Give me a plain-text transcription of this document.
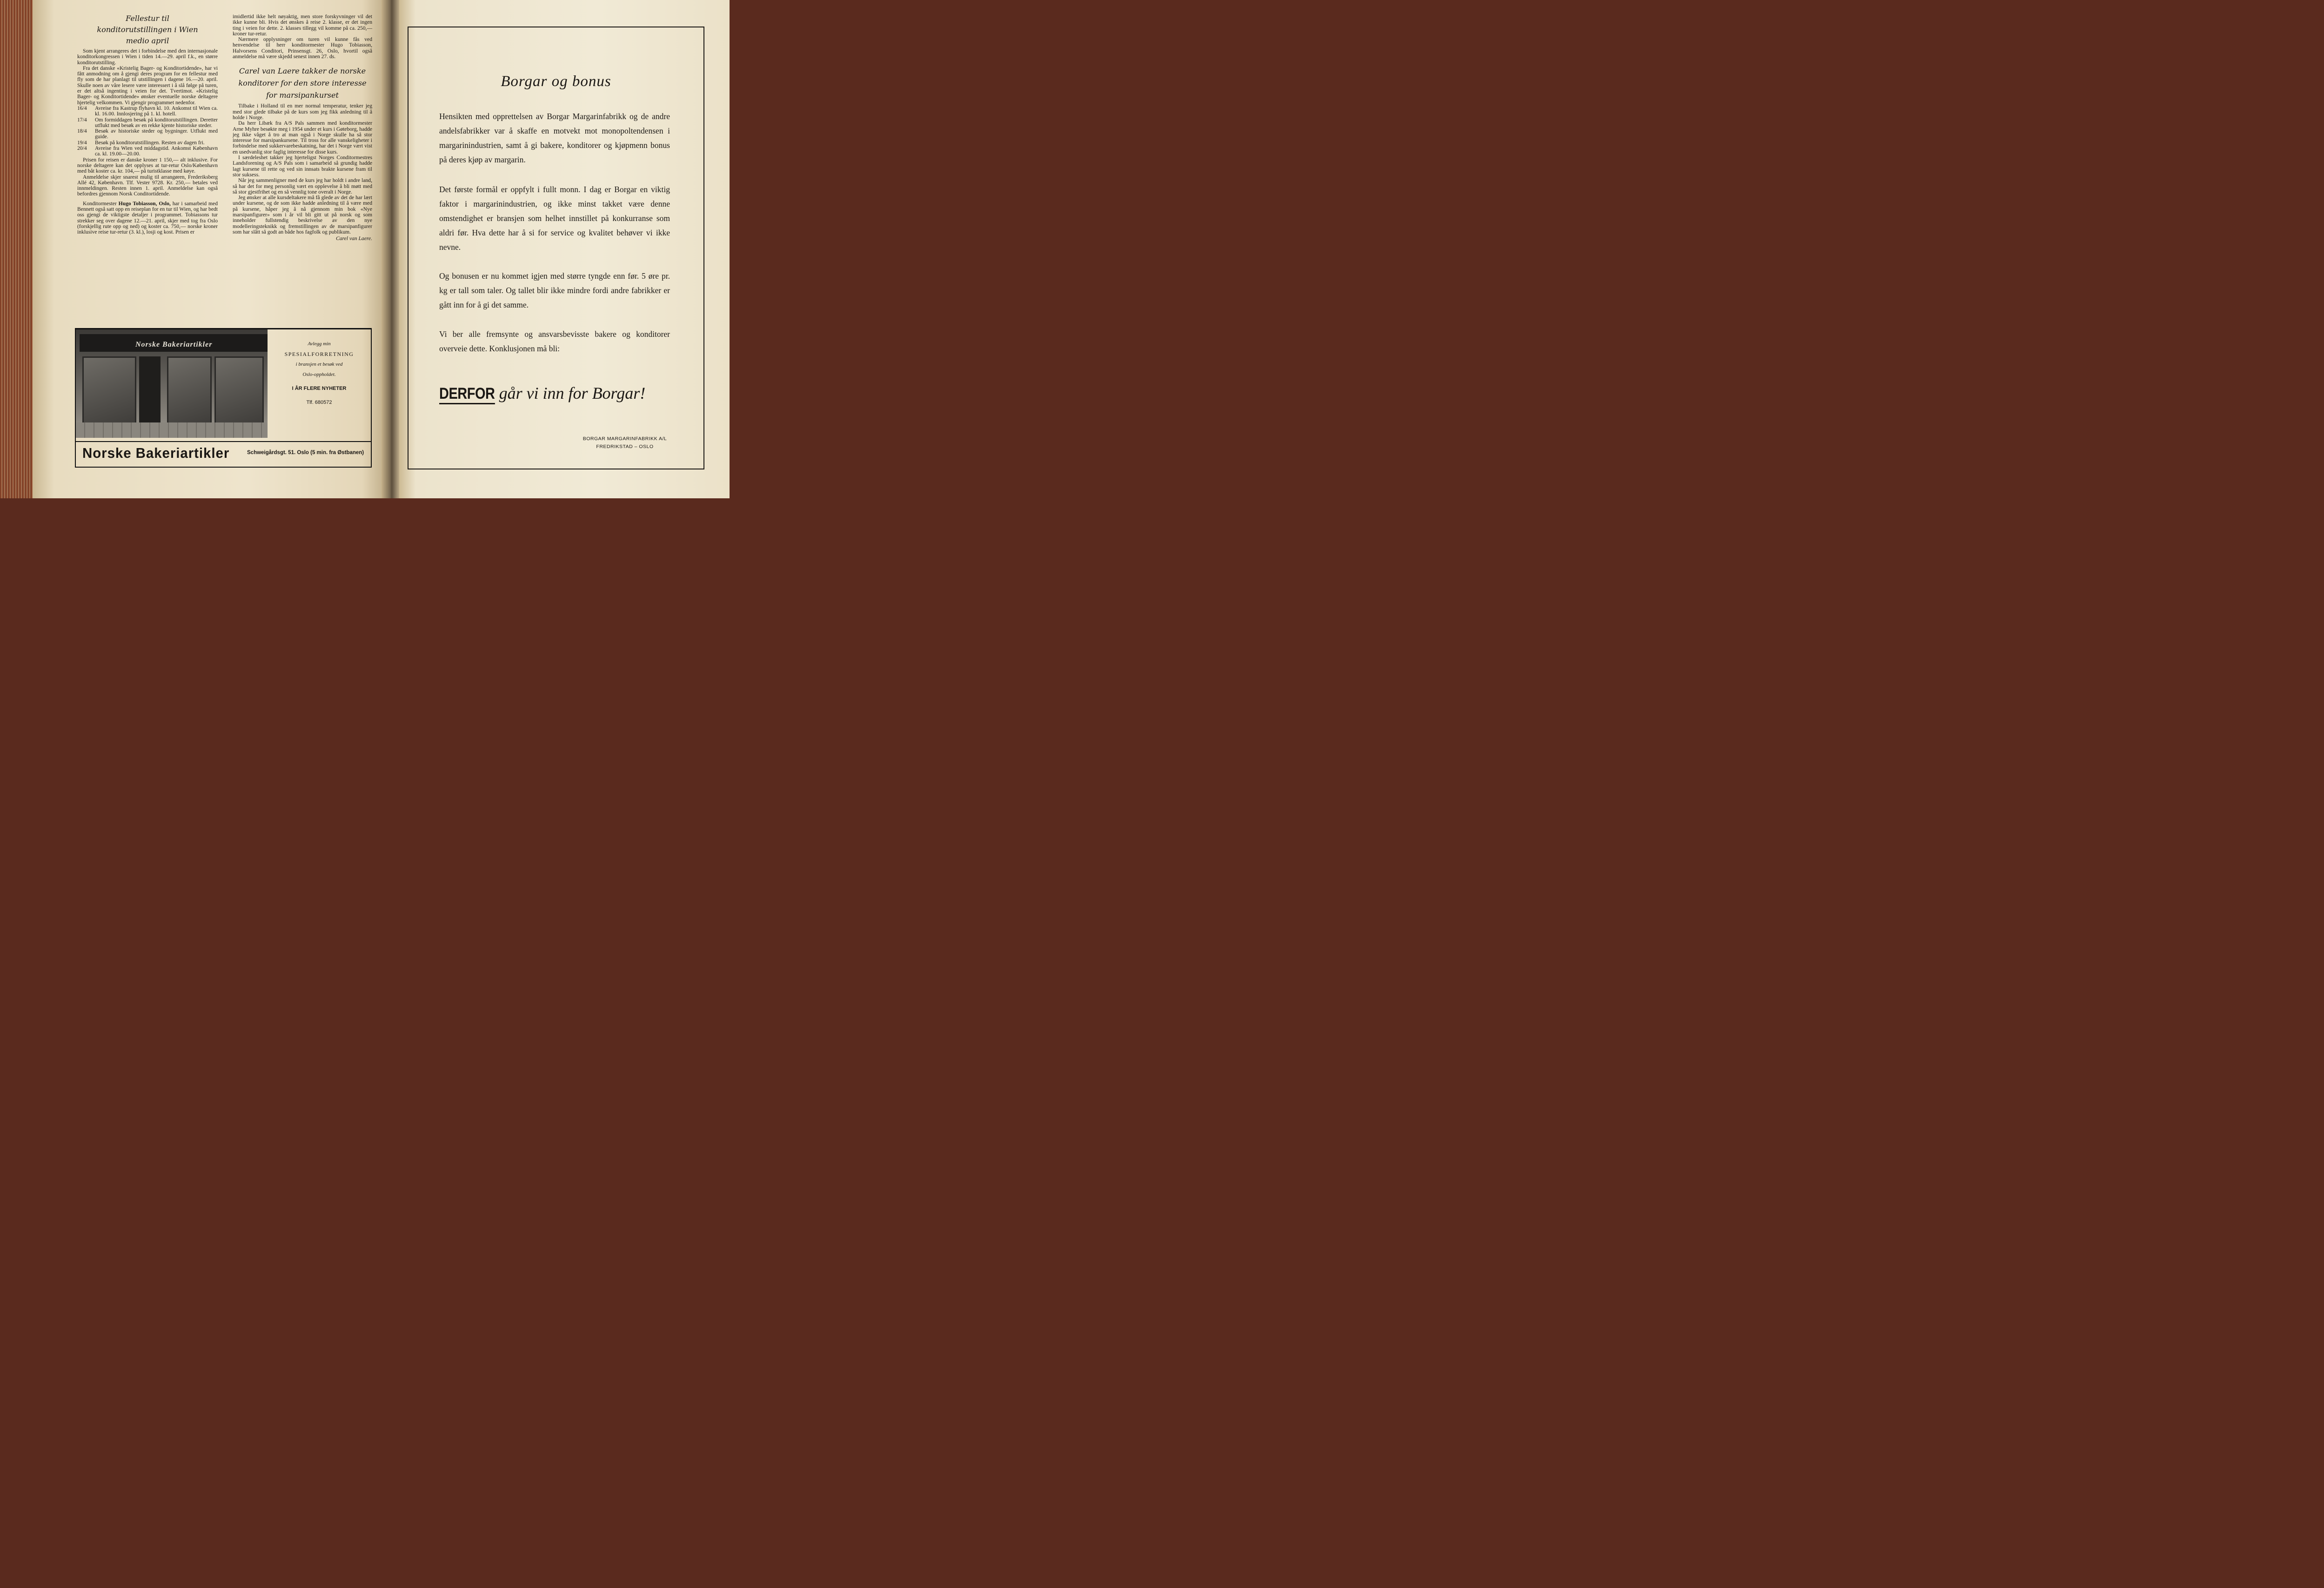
Fellestur til konditorutstillingen i Wien medio april

Som kjent arrangeres det i forbindelse med den internasjonale konditorkongressen i Wien i tiden 14.—29. april f.k., en større konditorutstilling.

Fra det danske «Kristelig Bager- og Konditortidende», har vi fått anmodning om å gjengi deres program for en fellestur med fly som de har planlagt til utstillingen i dagene 16.—20. april. Skulle noen av våre lesere være interessert i å slå følge på turen, er det altså ingenting i veien for det. Tvertimot. «Kristelig Bager- og Konditortidende» ønsker eventuelle norske deltagere hjertelig velkommen. Vi gjengir programmet nedenfor.

16/4	Avreise fra Kastrup flyhavn kl. 10. Ankomst til Wien ca. kl. 16.00. Innlosjering på 1. kl. hotell.
17/4	Om formiddagen besøk på konditorutstillingen. Deretter utflukt med besøk av en rekke kjente historiske steder.
18/4	Besøk av historiske steder og bygninger. Utflukt med guide.
19/4	Besøk på konditorutstillingen. Resten av dagen fri.
20/4	Avreise fra Wien ved middagstid. Ankomst København ca. kl. 19.00—20.00.

Prisen for reisen er danske kroner 1 150,— alt inklusive. For norske deltagere kan det opplyses at tur-retur Oslo/København med båt koster ca. kr. 104,— på turistklasse med køye.

Anmeldelse skjer snarest mulig til arrangøren, Frederiksberg Allé 42, København. Tlf. Vester 9728. Kr. 250,— betales ved innmeldingen. Resten innen 1. april. Anmeldelse kan også befordres gjennom Norsk Conditortidende.

Konditormester Hugo Tobiasson, Oslo, har i samarbeid med Bennett også satt opp en reiseplan for en tur til Wien, og har bedt oss gjengi de viktigste detaljer i programmet. Tobiassons tur strekker seg over dagene 12.—21. april, skjer med tog fra Oslo (forskjellig rute opp og ned) og koster ca. 750,— norske kroner inklusive reise tur-retur (3. kl.), losji og kost. Prisen er

imidlertid ikke helt nøyaktig, men store forskyvninger vil det ikke kunne bli. Hvis det ønskes å reise 2. klasse, er det ingen ting i veien for dette. 2. klasses tillegg vil komme på ca. 250,— kroner tur-retur.

Nærmere opplysninger om turen vil kunne fås ved henvendelse til herr konditormester Hugo Tobiasson, Halvorsens Conditori, Prinsensgt. 26, Oslo, hvortil også anmeldelse må være skjedd senest innen 27. ds.

Carel van Laere takker de norske konditorer for den store interesse for marsipankurset

Tilbake i Holland til en mer normal temperatur, tenker jeg med stor glede tilbake på de kurs som jeg fikk anledning til å holde i Norge.

Da herr Libæk fra A/S Pals sammen med konditormester Arne Myhre besøkte meg i 1954 under et kurs i Gøteborg, hadde jeg ikke våget å tro at man også i Norge skulle ha så stor interesse for marsipankursene. Til tross for alle vanskeligheter i forbindelse med sukkervarebeskatning, har det i Norge vært vist en usedvanlig stor faglig interesse for disse kurs.

I særdeleshet takker jeg hjerteligst Norges Conditormestres Landsforening og A/S Pals som i samarbeid så grundig hadde lagt kursene til rette og ved sin innsats brakte kursene fram til stor suksess.

Når jeg sammenligner med de kurs jeg har holdt i andre land, så har det for meg personlig vært en opplevelse å bli møtt med så stor gjestfrihet og en så vennlig tone overalt i Norge.

Jeg ønsker at alle kursdeltakere må få glede av det de har lært under kursene, og de som ikke hadde anledning til å være med på kursene, håper jeg å nå gjennom min bok «Nye marsipanfigurer» som i år vil bli gitt ut på norsk og som inneholder fullstendig beskrivelse av den nye modelleringsteknikk og fremstillingen av de marsipanfigurer som har slått så godt an både hos fagfolk og publikum.

Carel van Laere.
Norske Bakeriartikler	Avlegg min
SPESIALFORRETNING
i bransjen et besøk ved
Oslo-oppholdet.
I ÅR FLERE NYHETER
Tlf. 680572
Norske Bakeriartikler	Schweigårdsgt. 51. Oslo (5 min. fra Østbanen)
Borgar og bonus

Hensikten med opprettelsen av Borgar Margarinfabrikk og de andre andelsfabrikker var å skaffe en motvekt mot monopoltendensen i margarinindustrien, samt å gi bakere, konditorer og kjøpmenn bonus på deres kjøp av margarin.

Det første formål er oppfylt i fullt monn. I dag er Borgar en viktig faktor i margarinindustrien, og ikke minst takket være denne omstendighet er bransjen som helhet innstillet på konkurranse som aldri før. Hva dette har å si for service og kvalitet behøver vi ikke nevne.

Og bonusen er nu kommet igjen med større tyngde enn før. 5 øre pr. kg er tall som taler. Og tallet blir ikke mindre fordi andre fabrikker er gått inn for å gi det samme.

Vi ber alle fremsynte og ansvarsbevisste bakere og konditorer overveie dette. Konklusjonen må bli:

DERFOR går vi inn for Borgar!
BORGAR MARGARINFABRIKK A/L
FREDRIKSTAD – OSLO
